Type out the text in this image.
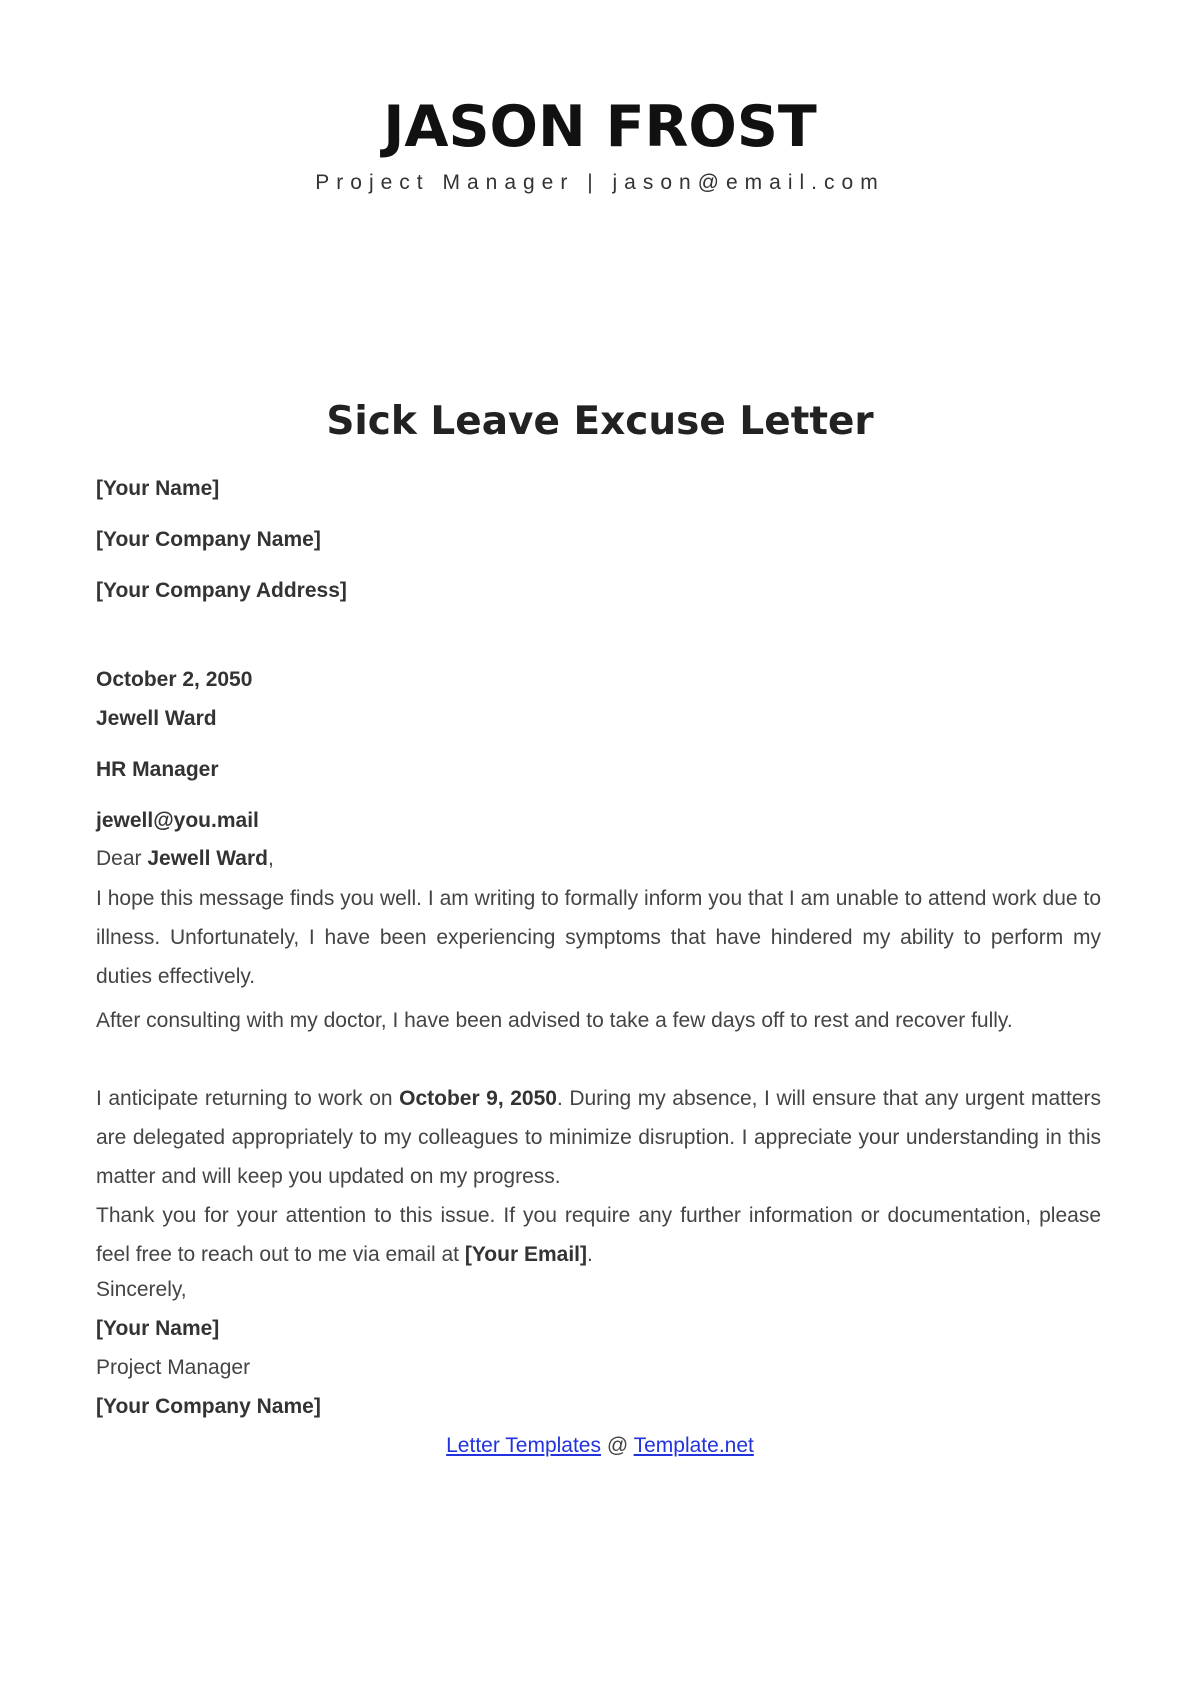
JASON FROST
Project Manager | jason@email.com
Sick Leave Excuse Letter
[Your Name]
[Your Company Name]
[Your Company Address]
October 2, 2050
Jewell Ward
HR Manager
jewell@you.mail
Dear Jewell Ward,
I hope this message finds you well. I am writing to formally inform you that I am unable to attend work due to illness. Unfortunately, I have been experiencing symptoms that have hindered my ability to perform my duties effectively.
After consulting with my doctor, I have been advised to take a few days off to rest and recover fully.
I anticipate returning to work on October 9, 2050. During my absence, I will ensure that any urgent matters are delegated appropriately to my colleagues to minimize disruption. I appreciate your understanding in this matter and will keep you updated on my progress.
Thank you for your attention to this issue. If you require any further information or documentation, please feel free to reach out to me via email at [Your Email].
Sincerely,
[Your Name]
Project Manager
[Your Company Name]
Letter Templates @ Template.net
